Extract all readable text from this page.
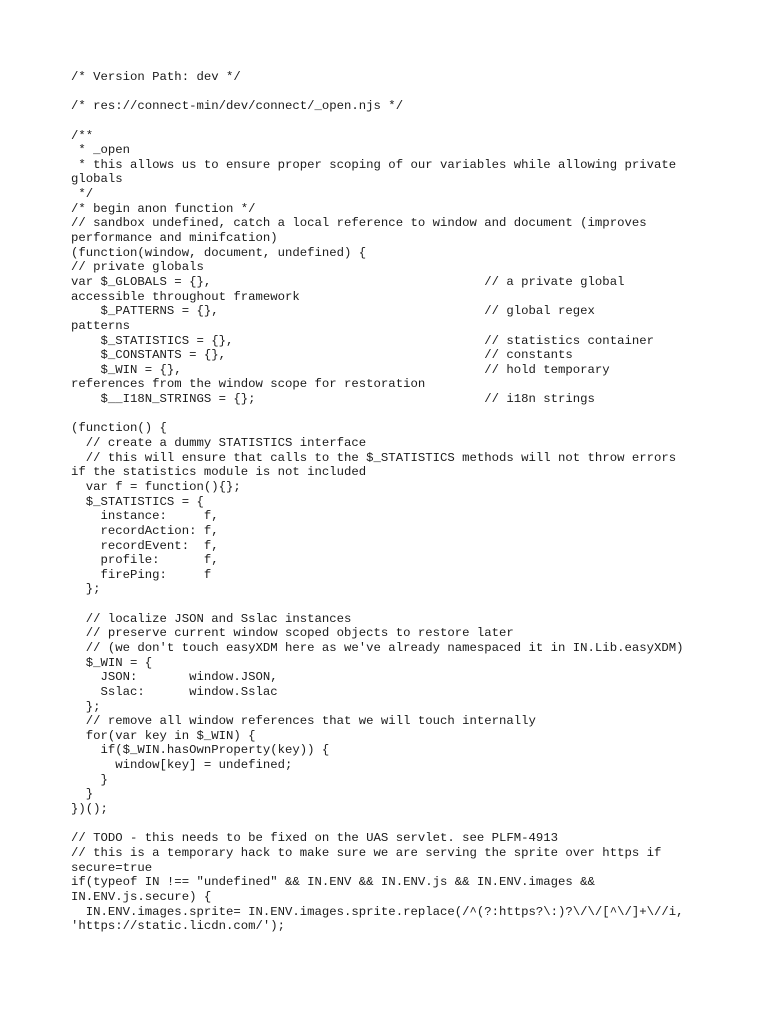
/* Version Path: dev */
/* res://connect-min/dev/connect/_open.njs */
/**
* _open
* this allows us to ensure proper scoping of our variables while allowing private
globals
*/
/* begin anon function */
// sandbox undefined, catch a local reference to window and document (improves
performance and minifcation)
(function(window, document, undefined) {
// private globals
var $_GLOBALS = {},                                     // a private global
accessible throughout framework
$_PATTERNS = {},                                    // global regex
patterns
$_STATISTICS = {},                                  // statistics container
$_CONSTANTS = {},                                   // constants
$_WIN = {},                                         // hold temporary
references from the window scope for restoration
$__I18N_STRINGS = {};                               // i18n strings
(function() {
// create a dummy STATISTICS interface
// this will ensure that calls to the $_STATISTICS methods will not throw errors
if the statistics module is not included
var f = function(){};
$_STATISTICS = {
instance:     f,
recordAction: f,
recordEvent:  f,
profile:      f,
firePing:     f
};
// localize JSON and Sslac instances
// preserve current window scoped objects to restore later
// (we don't touch easyXDM here as we've already namespaced it in IN.Lib.easyXDM)
$_WIN = {
JSON:       window.JSON,
Sslac:      window.Sslac
};
// remove all window references that we will touch internally
for(var key in $_WIN) {
if($_WIN.hasOwnProperty(key)) {
window[key] = undefined;
}
}
})();
// TODO - this needs to be fixed on the UAS servlet. see PLFM-4913
// this is a temporary hack to make sure we are serving the sprite over https if
secure=true
if(typeof IN !== "undefined" && IN.ENV && IN.ENV.js && IN.ENV.images &&
IN.ENV.js.secure) {
IN.ENV.images.sprite= IN.ENV.images.sprite.replace(/^(?:https?\:)?\/\/[^\/]+\//i,
'https://static.licdn.com/');
